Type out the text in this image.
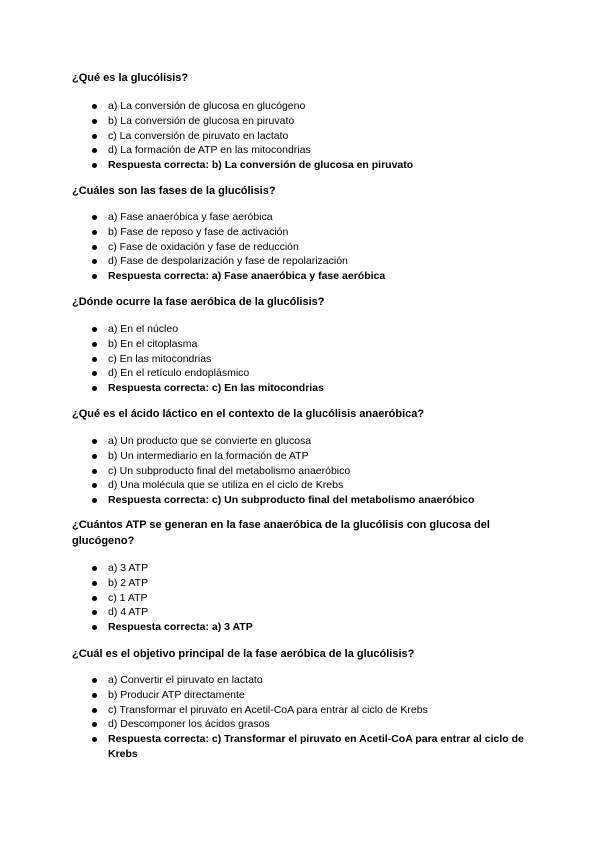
¿Qué es la glucólisis?

a) La conversión de glucosa en glucógeno
b) La conversión de glucosa en piruvato
c) La conversión de piruvato en lactato
d) La formación de ATP en las mitocondrias
Respuesta correcta: b) La conversión de glucosa en piruvato

¿Cuáles son las fases de la glucólisis?

a) Fase anaeróbica y fase aeróbica
b) Fase de reposo y fase de activación
c) Fase de oxidación y fase de reducción
d) Fase de despolarización y fase de repolarización
Respuesta correcta: a) Fase anaeróbica y fase aeróbica

¿Dónde ocurre la fase aeróbica de la glucólisis?

a) En el núcleo
b) En el citoplasma
c) En las mitocondrias
d) En el retículo endoplásmico
Respuesta correcta: c) En las mitocondrias

¿Qué es el ácido láctico en el contexto de la glucólisis anaeróbica?

a) Un producto que se convierte en glucosa
b) Un intermediario en la formación de ATP
c) Un subproducto final del metabolismo anaeróbico
d) Una molécula que se utiliza en el ciclo de Krebs
Respuesta correcta: c) Un subproducto final del metabolismo anaeróbico

¿Cuántos ATP se generan en la fase anaeróbica de la glucólisis con glucosa del glucógeno?

a) 3 ATP
b) 2 ATP
c) 1 ATP
d) 4 ATP
Respuesta correcta: a) 3 ATP

¿Cuál es el objetivo principal de la fase aeróbica de la glucólisis?

a) Convertir el piruvato en lactato
b) Producir ATP directamente
c) Transformar el piruvato en Acetil-CoA para entrar al ciclo de Krebs
d) Descomponer los ácidos grasos
Respuesta correcta: c) Transformar el piruvato en Acetil-CoA para entrar al ciclo de Krebs
